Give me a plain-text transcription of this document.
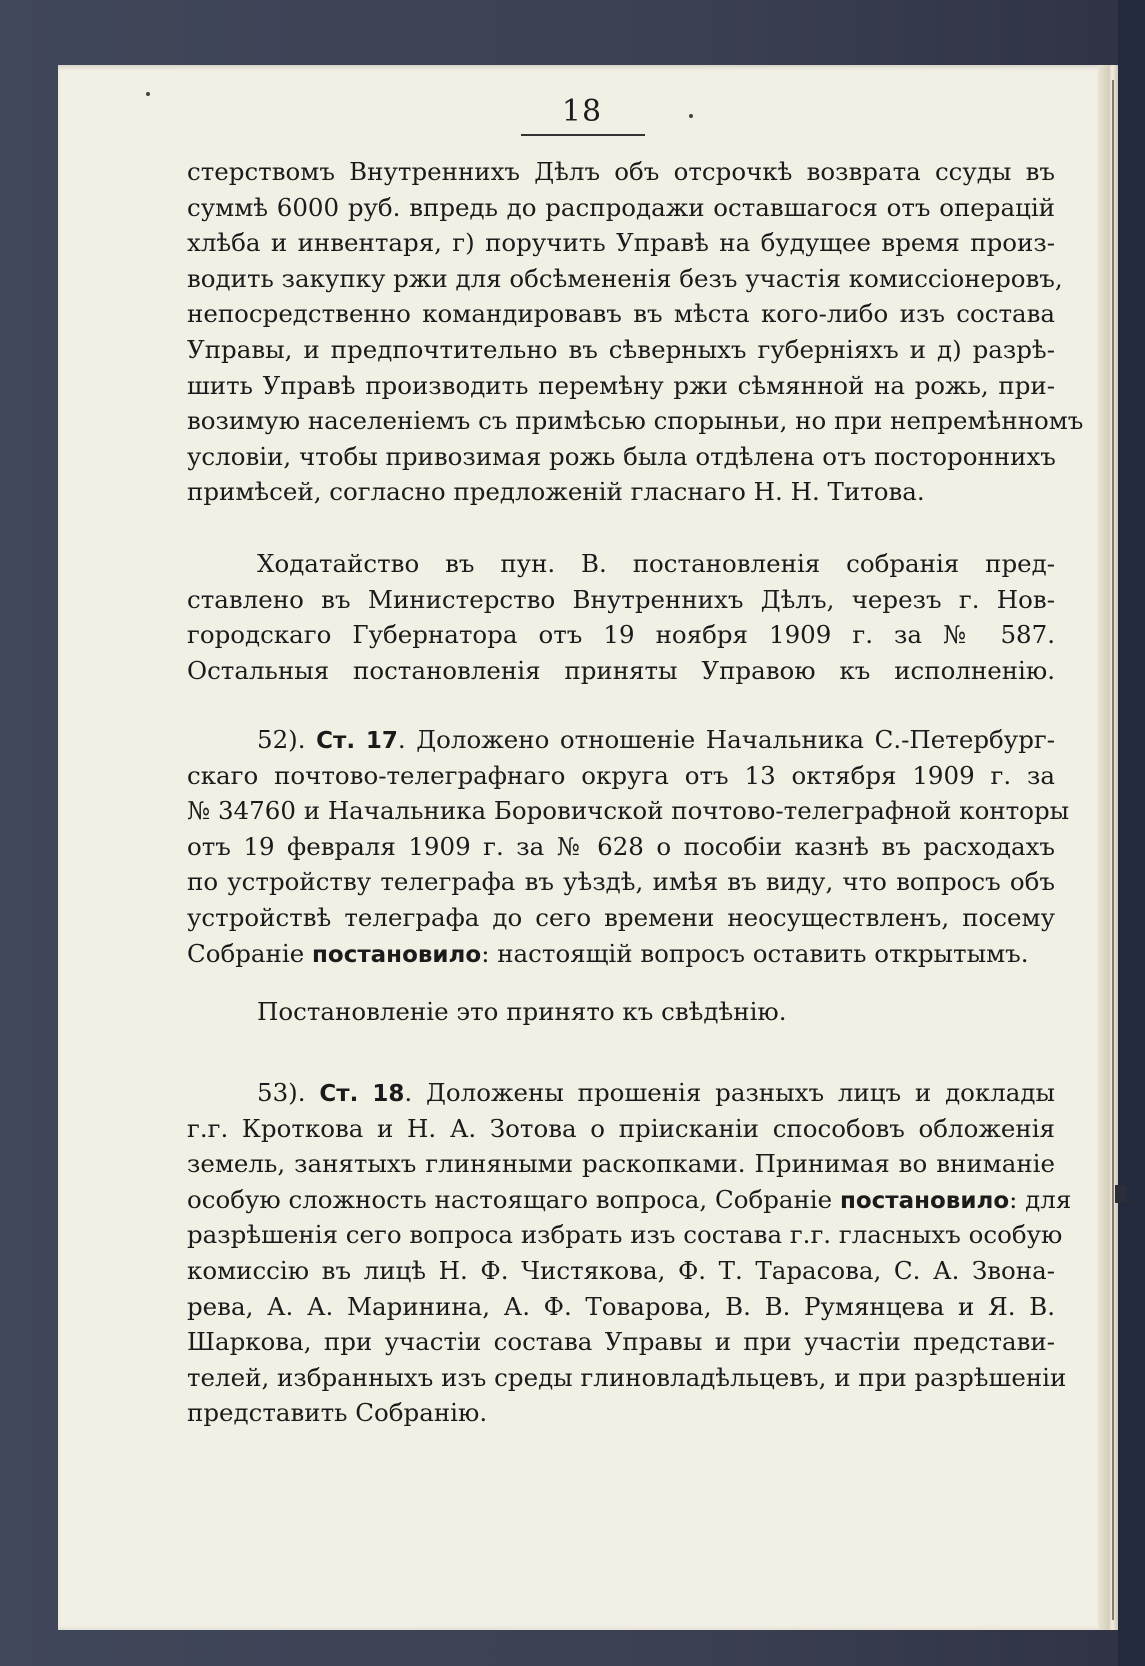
18
стерствомъ Внутреннихъ Дѣлъ объ отсрочкѣ возврата ссуды въ
суммѣ 6000 руб. впредь до распродажи оставшагося отъ операцій
хлѣба и инвентаря, г) поручить Управѣ на будущее время произ-
водить закупку ржи для обсѣмененія безъ участія комиссіонеровъ,
непосредственно командировавъ въ мѣста кого-либо изъ состава
Управы, и предпочтительно въ сѣверныхъ губерніяхъ и д) разрѣ-
шить Управѣ производить перемѣну ржи сѣмянной на рожь, при-
возимую населеніемъ съ примѣсью спорыньи, но при непремѣнномъ
условіи, чтобы привозимая рожь была отдѣлена отъ постороннихъ
примѣсей, согласно предложеній гласнаго Н. Н. Титова.
Ходатайство въ пун. В. постановленія собранія пред-
ставлено въ Министерство Внутреннихъ Дѣлъ, черезъ г. Нов-
городскаго Губернатора отъ 19 ноября 1909 г. за № 587.
Остальныя постановленія приняты Управою къ исполненію.
52). Ст. 17. Доложено отношеніе Начальника С.-Петербург-
скаго почтово-телеграфнаго округа отъ 13 октября 1909 г. за
№ 34760 и Начальника Боровичской почтово-телеграфной конторы
отъ 19 февраля 1909 г. за № 628 о пособіи казнѣ въ расходахъ
по устройству телеграфа въ уѣздѣ, имѣя въ виду, что вопросъ объ
устройствѣ телеграфа до сего времени неосуществленъ, посему
Собраніе постановило: настоящій вопросъ оставить открытымъ.
Постановленіе это принято къ свѣдѣнію.
53). Ст. 18. Доложены прошенія разныхъ лицъ и доклады
г.г. Кроткова и Н. А. Зотова о прiисканiи способовъ обложенія
земель, занятыхъ глиняными раскопками. Принимая во вниманіе
особую сложность настоящаго вопроса, Собраніе постановило: для
разрѣшенія сего вопроса избрать изъ состава г.г. гласныхъ особую
комиссію въ лицѣ Н. Ф. Чистякова, Ф. Т. Тарасова, С. А. Звона-
рева, А. А. Маринина, А. Ф. Товарова, В. В. Румянцева и Я. В.
Шаркова, при участіи состава Управы и при участіи представи-
телей, избранныхъ изъ среды глиновладѣльцевъ, и при разрѣшеніи
представить Собранію.
